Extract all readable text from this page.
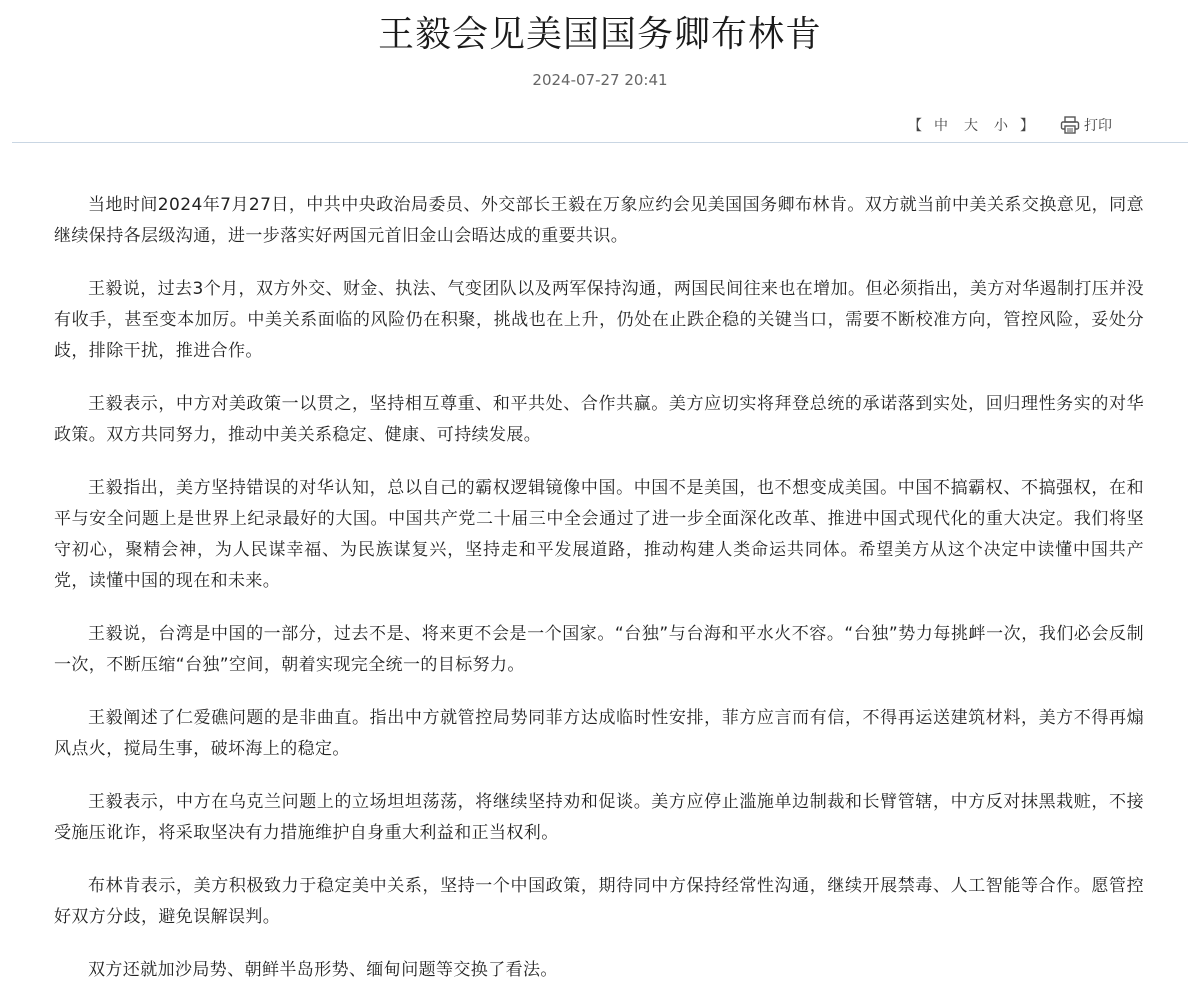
王毅会见美国国务卿布林肯
2024-07-27 20:41
【 中	大	小 】	打印

当地时间2024年7月27日，中共中央政治局委员、外交部长王毅在万象应约会见美国国务卿布林肯。双方就当前中美关系交换意见，同意继续保持各层级沟通，进一步落实好两国元首旧金山会晤达成的重要共识。

王毅说，过去3个月，双方外交、财金、执法、气变团队以及两军保持沟通，两国民间往来也在增加。但必须指出，美方对华遏制打压并没有收手，甚至变本加厉。中美关系面临的风险仍在积聚，挑战也在上升，仍处在止跌企稳的关键当口，需要不断校准方向，管控风险，妥处分歧，排除干扰，推进合作。

王毅表示，中方对美政策一以贯之，坚持相互尊重、和平共处、合作共赢。美方应切实将拜登总统的承诺落到实处，回归理性务实的对华政策。双方共同努力，推动中美关系稳定、健康、可持续发展。

王毅指出，美方坚持错误的对华认知，总以自己的霸权逻辑镜像中国。中国不是美国，也不想变成美国。中国不搞霸权、不搞强权，在和平与安全问题上是世界上纪录最好的大国。中国共产党二十届三中全会通过了进一步全面深化改革、推进中国式现代化的重大决定。我们将坚守初心，聚精会神，为人民谋幸福、为民族谋复兴，坚持走和平发展道路，推动构建人类命运共同体。希望美方从这个决定中读懂中国共产党，读懂中国的现在和未来。

王毅说，台湾是中国的一部分，过去不是、将来更不会是一个国家。“台独”与台海和平水火不容。“台独”势力每挑衅一次，我们必会反制一次，不断压缩“台独”空间，朝着实现完全统一的目标努力。

王毅阐述了仁爱礁问题的是非曲直。指出中方就管控局势同菲方达成临时性安排，菲方应言而有信，不得再运送建筑材料，美方不得再煽风点火，搅局生事，破坏海上的稳定。

王毅表示，中方在乌克兰问题上的立场坦坦荡荡，将继续坚持劝和促谈。美方应停止滥施单边制裁和长臂管辖，中方反对抹黑栽赃，不接受施压讹诈，将采取坚决有力措施维护自身重大利益和正当权利。

布林肯表示，美方积极致力于稳定美中关系，坚持一个中国政策，期待同中方保持经常性沟通，继续开展禁毒、人工智能等合作。愿管控好双方分歧，避免误解误判。

双方还就加沙局势、朝鲜半岛形势、缅甸问题等交换了看法。
